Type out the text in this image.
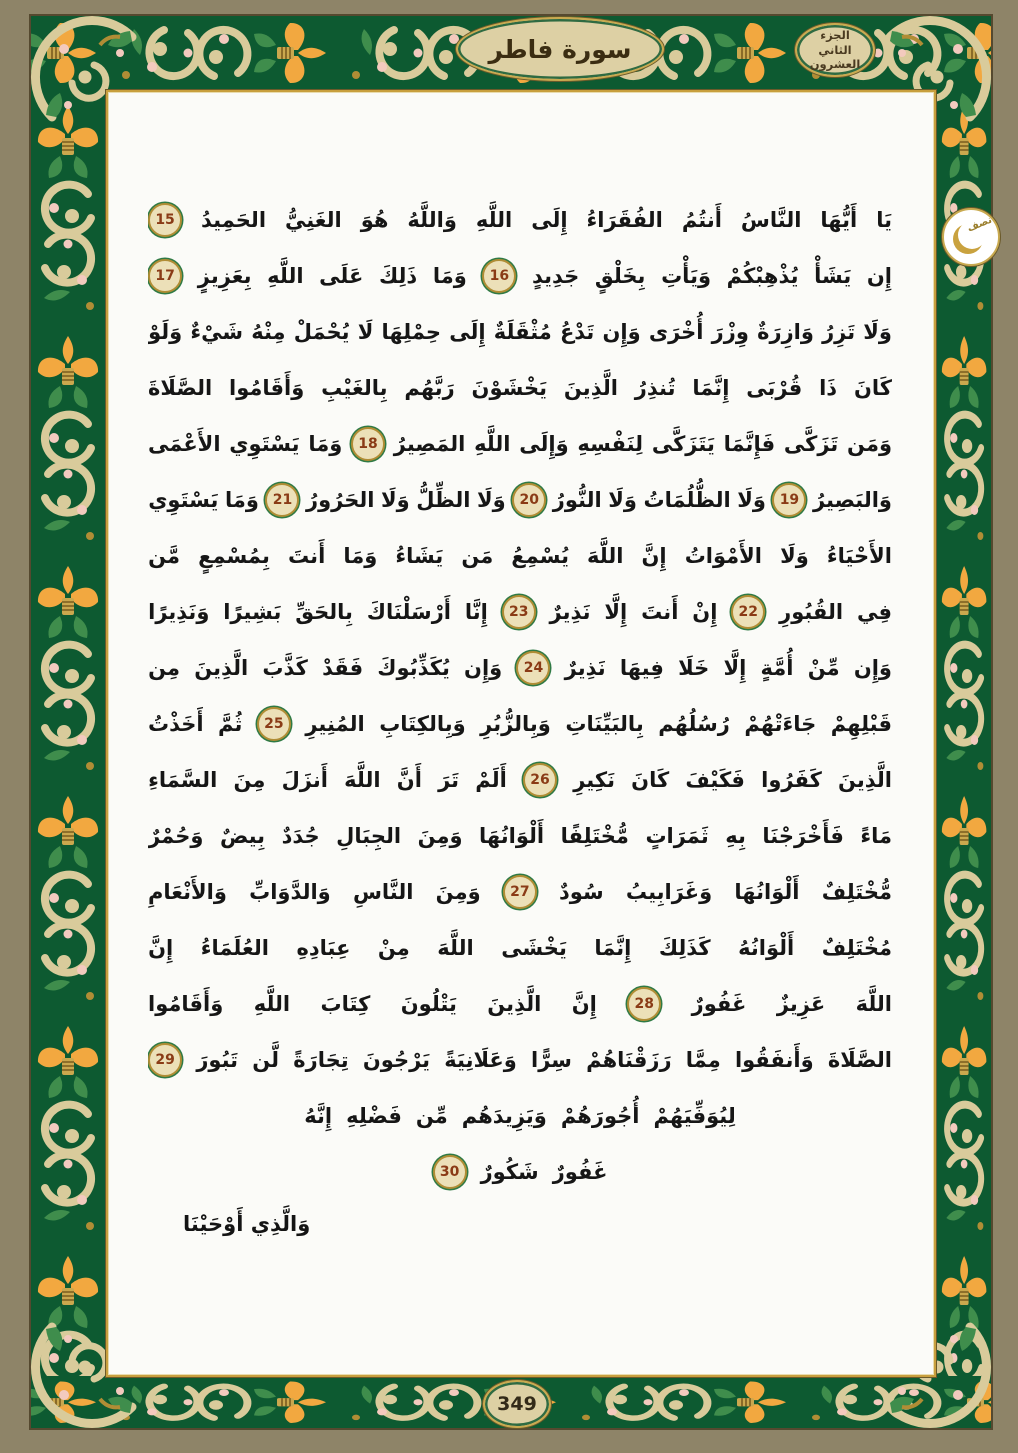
يَا
أَيُّهَا
النَّاسُ
أَنتُمُ
الفُقَرَاءُ
إِلَى
اللَّهِ
وَاللَّهُ
هُوَ
الغَنِيُّ
الحَمِيدُ
15
إِن
يَشَأْ
يُذْهِبْكُمْ
وَيَأْتِ
بِخَلْقٍ
جَدِيدٍ
16
وَمَا
ذَلِكَ
عَلَى
اللَّهِ
بِعَزِيزٍ
17
وَلَا
تَزِرُ
وَازِرَةٌ
وِزْرَ
أُخْرَى
وَإِن
تَدْعُ
مُثْقَلَةٌ
إِلَى
حِمْلِهَا
لَا
يُحْمَلْ
مِنْهُ
شَيْءٌ
وَلَوْ
كَانَ
ذَا
قُرْبَى
إِنَّمَا
تُنذِرُ
الَّذِينَ
يَخْشَوْنَ
رَبَّهُم
بِالغَيْبِ
وَأَقَامُوا
الصَّلَاةَ
وَمَن
تَزَكَّى
فَإِنَّمَا
يَتَزَكَّى
لِنَفْسِهِ
وَإِلَى
اللَّهِ
المَصِيرُ
18
وَمَا
يَسْتَوِي
الأَعْمَى
وَالبَصِيرُ
19
وَلَا
الظُّلُمَاتُ
وَلَا
النُّورُ
20
وَلَا
الظِّلُّ
وَلَا
الحَرُورُ
21
وَمَا
يَسْتَوِي
الأَحْيَاءُ
وَلَا
الأَمْوَاتُ
إِنَّ
اللَّهَ
يُسْمِعُ
مَن
يَشَاءُ
وَمَا
أَنتَ
بِمُسْمِعٍ
مَّن
فِي
القُبُورِ
22
إِنْ
أَنتَ
إِلَّا
نَذِيرٌ
23
إِنَّا
أَرْسَلْنَاكَ
بِالحَقِّ
بَشِيرًا
وَنَذِيرًا
وَإِن
مِّنْ
أُمَّةٍ
إِلَّا
خَلَا
فِيهَا
نَذِيرٌ
24
وَإِن
يُكَذِّبُوكَ
فَقَدْ
كَذَّبَ
الَّذِينَ
مِن
قَبْلِهِمْ
جَاءَتْهُمْ
رُسُلُهُم
بِالبَيِّنَاتِ
وَبِالزُّبُرِ
وَبِالكِتَابِ
المُنِيرِ
25
ثُمَّ
أَخَذْتُ
الَّذِينَ
كَفَرُوا
فَكَيْفَ
كَانَ
نَكِيرِ
26
أَلَمْ
تَرَ
أَنَّ
اللَّهَ
أَنزَلَ
مِنَ
السَّمَاءِ
مَاءً
فَأَخْرَجْنَا
بِهِ
ثَمَرَاتٍ
مُّخْتَلِفًا
أَلْوَانُهَا
وَمِنَ
الجِبَالِ
جُدَدٌ
بِيضٌ
وَحُمْرٌ
مُّخْتَلِفٌ
أَلْوَانُهَا
وَغَرَابِيبُ
سُودٌ
27
وَمِنَ
النَّاسِ
وَالدَّوَابِّ
وَالأَنْعَامِ
مُخْتَلِفٌ
أَلْوَانُهُ
كَذَلِكَ
إِنَّمَا
يَخْشَى
اللَّهَ
مِنْ
عِبَادِهِ
العُلَمَاءُ
إِنَّ
اللَّهَ
عَزِيزٌ
غَفُورٌ
28
إِنَّ
الَّذِينَ
يَتْلُونَ
كِتَابَ
اللَّهِ
وَأَقَامُوا
الصَّلَاةَ
وَأَنفَقُوا
مِمَّا
رَزَقْنَاهُمْ
سِرًّا
وَعَلَانِيَةً
يَرْجُونَ
تِجَارَةً
لَّن
تَبُورَ
29
لِيُوَفِّيَهُمْ
أُجُورَهُمْ
وَيَزِيدَهُم
مِّن
فَضْلِهِ
إِنَّهُ
غَفُورٌ
شَكُورٌ
30
وَالَّذِي أَوْحَيْنَا
سورة فاطر	الجزء
الثاني العشرون
نصف
349
